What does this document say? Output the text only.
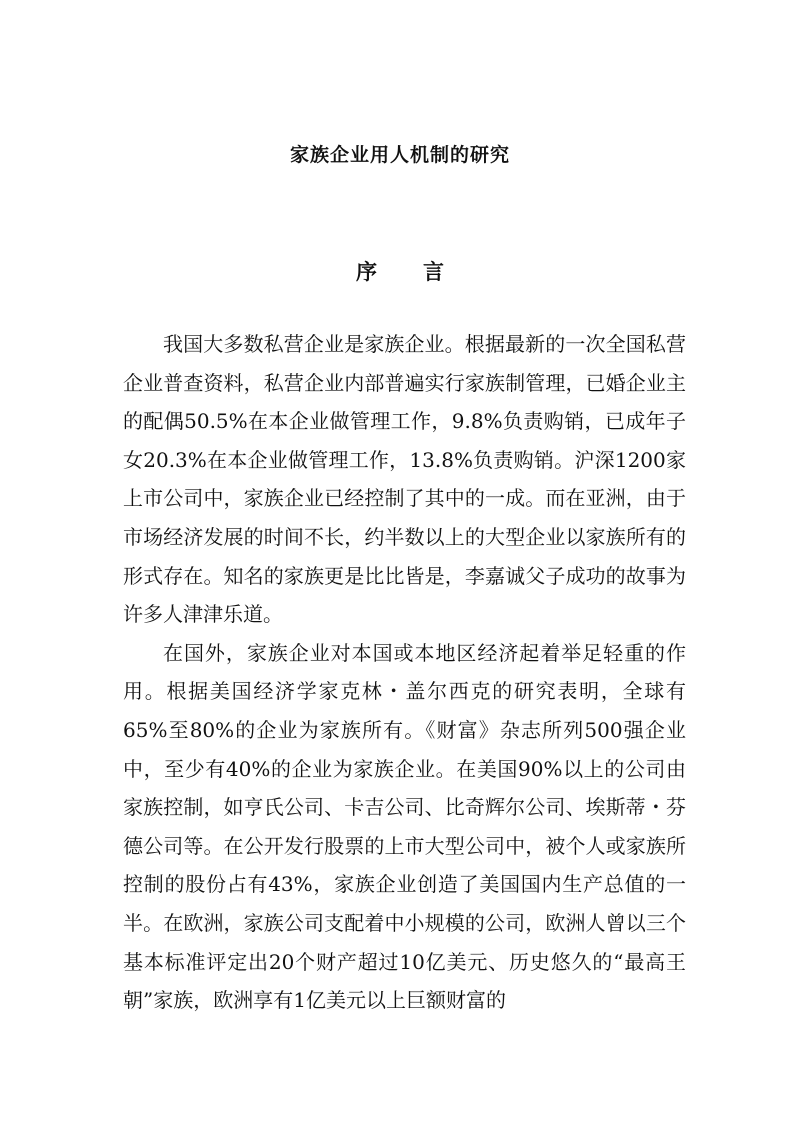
家族企业用人机制的研究
序 言

我国大多数私营企业是家族企业。根据最新的一次全国私营企业普查资料，私营企业内部普遍实行家族制管理，已婚企业主的配偶50.5%在本企业做管理工作，9.8%负责购销，已成年子女20.3%在本企业做管理工作，13.8%负责购销。沪深1200家上市公司中，家族企业已经控制了其中的一成。而在亚洲，由于市场经济发展的时间不长，约半数以上的大型企业以家族所有的形式存在。知名的家族更是比比皆是，李嘉诚父子成功的故事为许多人津津乐道。

在国外，家族企业对本国或本地区经济起着举足轻重的作用。根据美国经济学家克林・盖尔西克的研究表明，全球有65%至80%的企业为家族所有。《财富》杂志所列500强企业中，至少有40%的企业为家族企业。在美国90%以上的公司由家族控制，如亨氏公司、卡吉公司、比奇辉尔公司、埃斯蒂・芬德公司等。在公开发行股票的上市大型公司中，被个人或家族所控制的股份占有43%，家族企业创造了美国国内生产总值的一半。在欧洲，家族公司支配着中小规模的公司，欧洲人曾以三个基本标准评定出20个财产超过10亿美元、历史悠久的“最高王朝”家族，欧洲享有1亿美元以上巨额财富的
